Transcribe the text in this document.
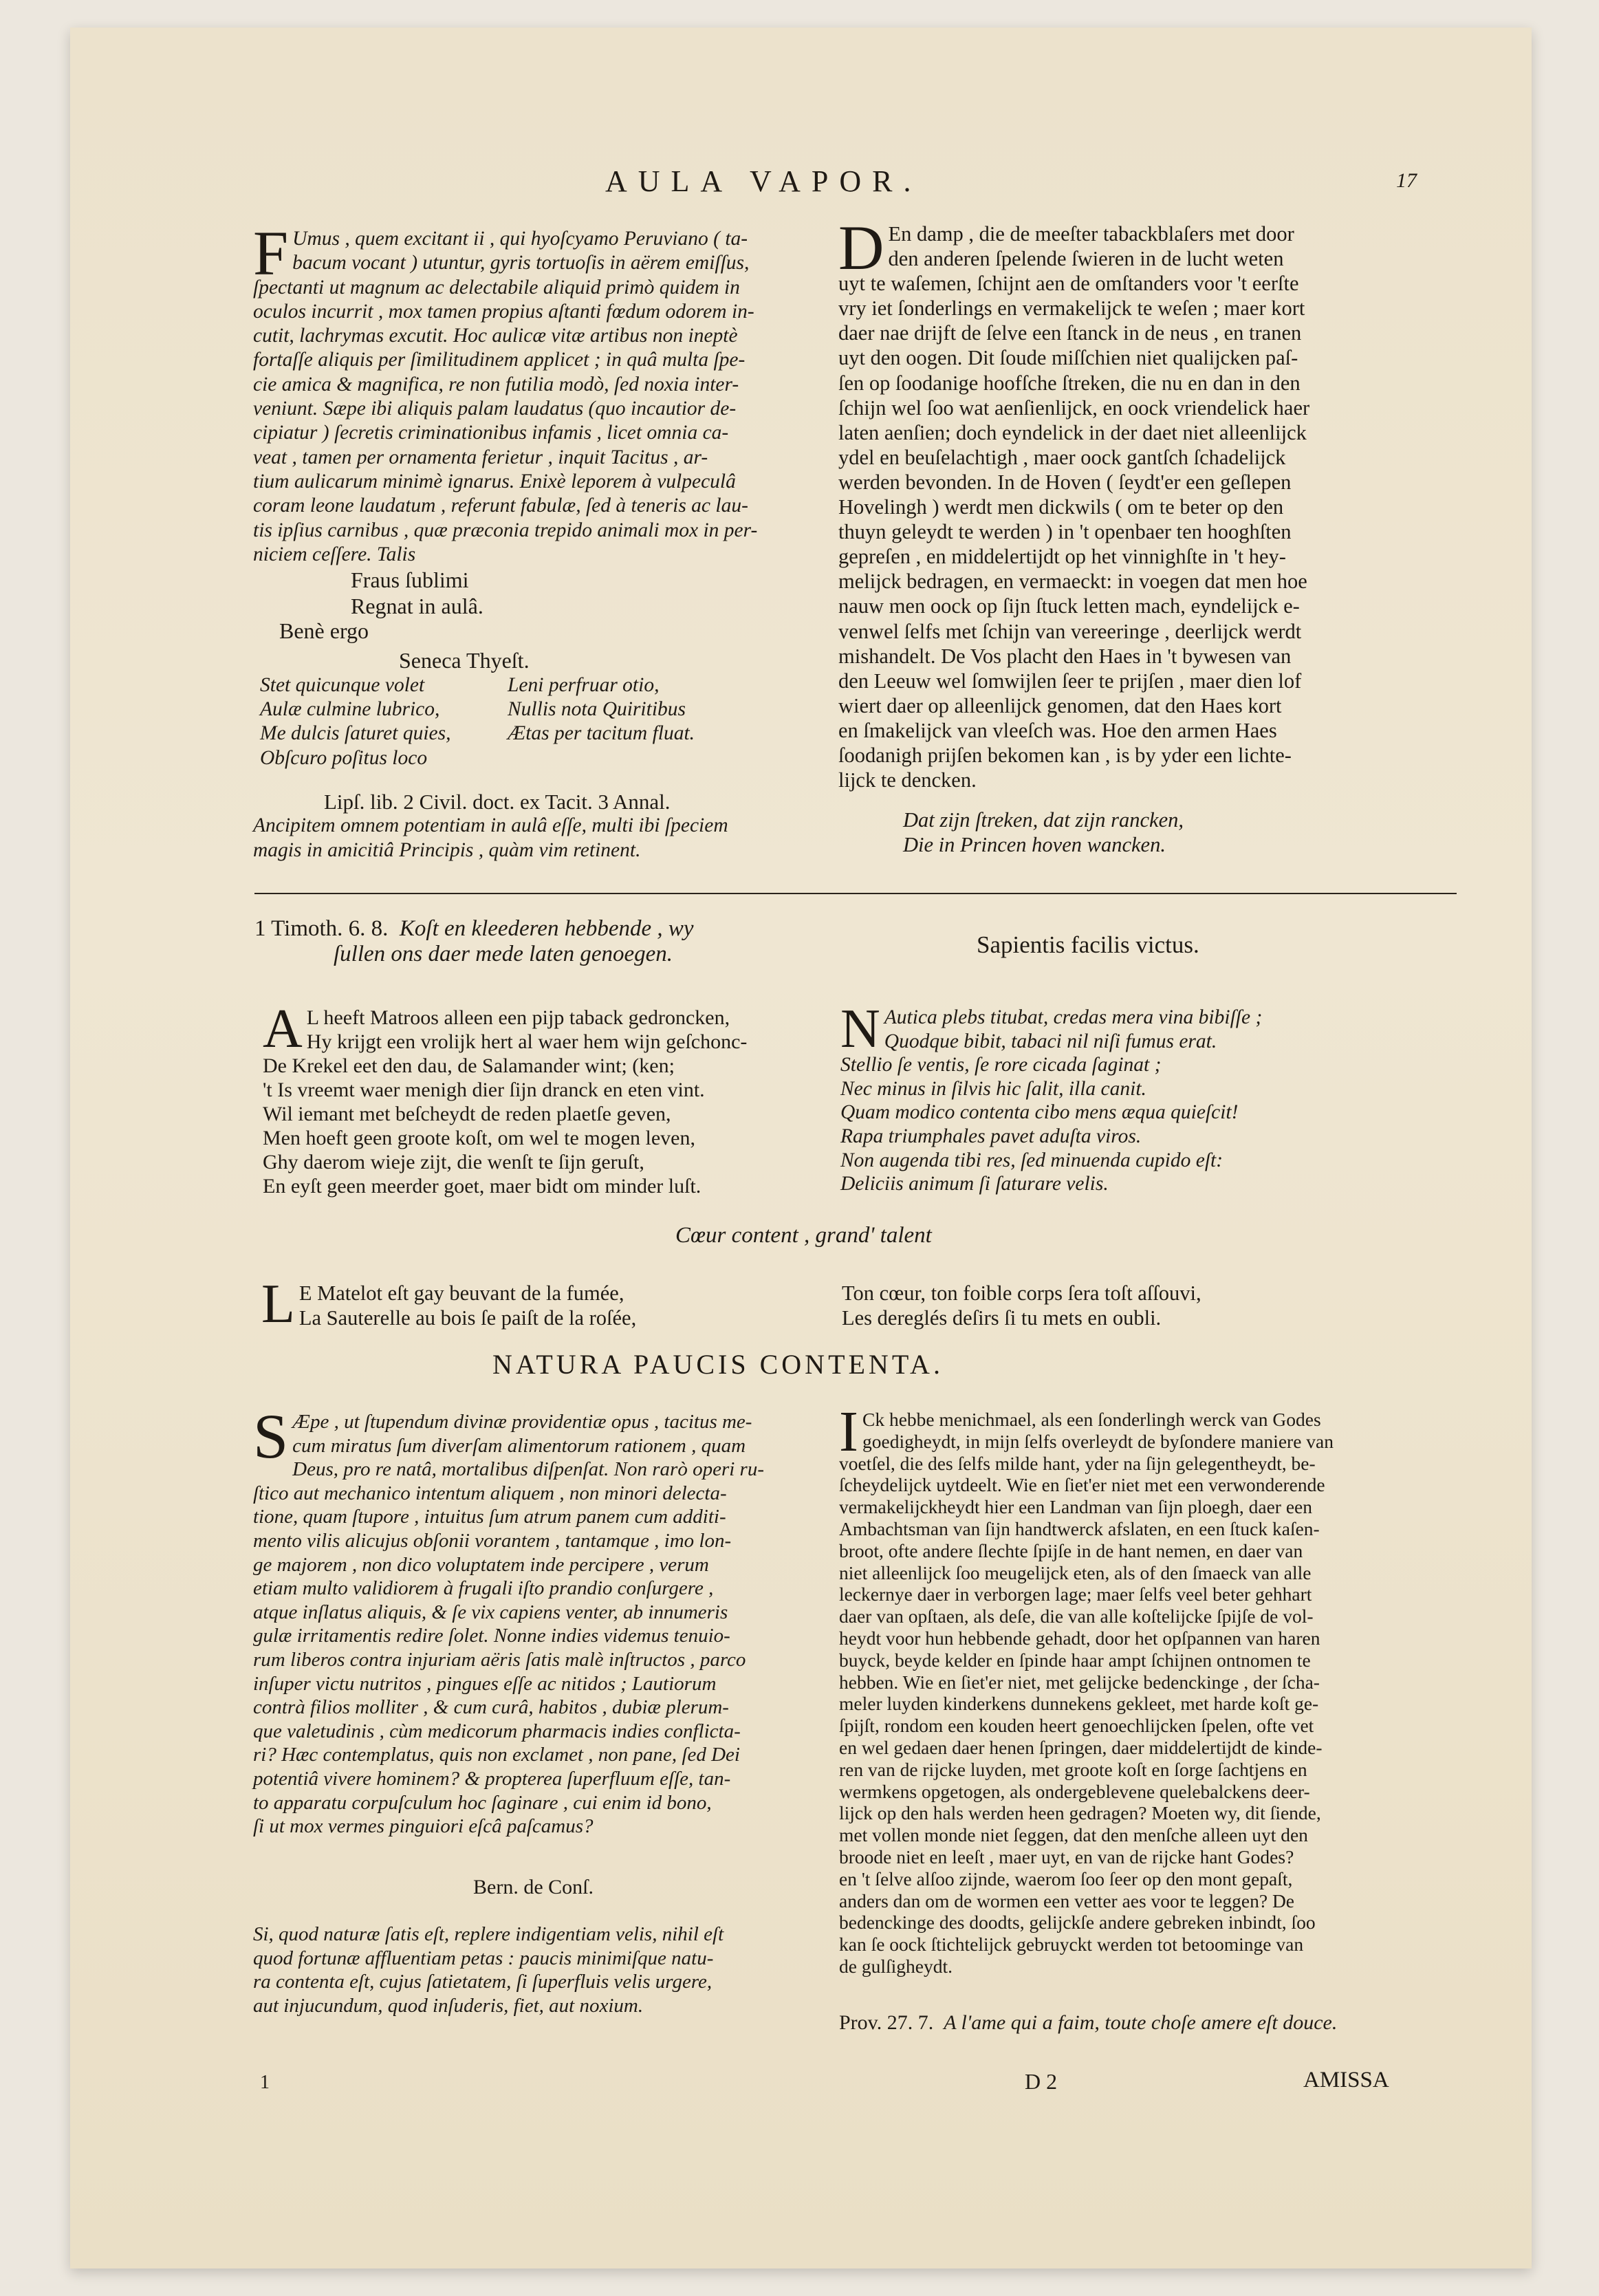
AULA VAPOR.	17
F Umus , quem excitant ii , qui hyoſcyamo Peruviano ( ta-

bacum vocant ) utuntur, gyris tortuoſis in aërem emiſſus,

ſpectanti ut magnum ac delectabile aliquid primò quidem in

oculos incurrit , mox tamen propius aſtanti fœdum odorem in-

cutit, lachrymas excutit. Hoc aulicæ vitæ artibus non ineptè

fortaſſe aliquis per ſimilitudinem applicet ; in quâ multa ſpe-

cie amica & magnifica, re non futilia modò, ſed noxia inter-

veniunt. Sæpe ibi aliquis palam laudatus (quo incautior de-

cipiatur ) ſecretis criminationibus infamis , licet omnia ca-

veat , tamen per ornamenta ferietur , inquit Tacitus , ar-

tium aulicarum minimè ignarus. Enixè leporem à vulpeculâ

coram leone laudatum , referunt fabulæ, ſed à teneris ac lau-

tis ipſius carnibus , quæ præconia trepido animali mox in per-

niciem ceſſere. Talis

Fraus ſublimi

Regnat in aulâ.

Benè ergo

Seneca Thyeſt.

Stet quicunque volet

Aulæ culmine lubrico,

Me dulcis ſaturet quies,

Obſcuro poſitus loco

Leni perfruar otio,

Nullis nota Quiritibus

Ætas per tacitum fluat.

Lipſ. lib. 2 Civil. doct. ex Tacit. 3 Annal.

Ancipitem omnem potentiam in aulâ eſſe, multi ibi ſpeciem

magis in amicitiâ Principis , quàm vim retinent.

D En damp , die de meeſter tabackblaſers met door

den anderen ſpelende ſwieren in de lucht weten

uyt te waſemen, ſchijnt aen de omſtanders voor 't eerſte

vry iet ſonderlings en vermakelijck te weſen ; maer kort

daer nae drijft de ſelve een ſtanck in de neus , en tranen

uyt den oogen. Dit ſoude miſſchien niet qualijcken paſ-

ſen op ſoodanige hoofſche ſtreken, die nu en dan in den

ſchijn wel ſoo wat aenſienlijck, en oock vriendelick haer

laten aenſien; doch eyndelick in der daet niet alleenlijck

ydel en beuſelachtigh , maer oock gantſch ſchadelijck

werden bevonden. In de Hoven ( ſeydt'er een geſlepen

Hovelingh ) werdt men dickwils ( om te beter op den

thuyn geleydt te werden ) in 't openbaer ten hooghſten

gepreſen , en middelertijdt op het vinnighſte in 't hey-

melijck bedragen, en vermaeckt: in voegen dat men hoe

nauw men oock op ſijn ſtuck letten mach, eyndelijck e-

venwel ſelfs met ſchijn van vereeringe , deerlijck werdt

mishandelt. De Vos placht den Haes in 't bywesen van

den Leeuw wel ſomwijlen ſeer te prijſen , maer dien lof

wiert daer op alleenlijck genomen, dat den Haes kort

en ſmakelijck van vleeſch was. Hoe den armen Haes

ſoodanigh prijſen bekomen kan , is by yder een lichte-

lijck te dencken.

Dat zijn ſtreken, dat zijn rancken,

Die in Princen hoven wancken.

1 Timoth. 6. 8. Koſt en kleederen hebbende , wy

ſullen ons daer mede laten genoegen.	Sapientis facilis victus.
A L heeft Matroos alleen een pijp taback gedroncken,

Hy krijgt een vrolijk hert al waer hem wijn geſchonc-

De Krekel eet den dau, de Salamander wint; (ken;

't Is vreemt waer menigh dier ſijn dranck en eten vint.

Wil iemant met beſcheydt de reden plaetſe geven,

Men hoeft geen groote koſt, om wel te mogen leven,

Ghy daerom wieje zijt, die wenſt te ſijn geruſt,

En eyſt geen meerder goet, maer bidt om minder luſt.

N Autica plebs titubat, credas mera vina bibiſſe ;

Quodque bibit, tabaci nil niſi fumus erat.

Stellio ſe ventis, ſe rore cicada ſaginat ;

Nec minus in ſilvis hic ſalit, illa canit.

Quam modico contenta cibo mens æqua quieſcit!

Rapa triumphales pavet aduſta viros.

Non augenda tibi res, ſed minuenda cupido eſt:

Deliciis animum ſi ſaturare velis.

Cœur content , grand' talent
L E Matelot eſt gay beuvant de la fumée,

La Sauterelle au bois ſe paiſt de la roſée,

Ton cœur, ton foible corps ſera toſt aſſouvi,

Les dereglés deſirs ſi tu mets en oubli.

NATURA PAUCIS CONTENTA.
S Æpe , ut ſtupendum divinæ providentiæ opus , tacitus me-

cum miratus ſum diverſam alimentorum rationem , quam

Deus, pro re natâ, mortalibus diſpenſat. Non rarò operi ru-

ſtico aut mechanico intentum aliquem , non minori delecta-

tione, quam ſtupore , intuitus ſum atrum panem cum additi-

mento vilis alicujus obſonii vorantem , tantamque , imo lon-

ge majorem , non dico voluptatem inde percipere , verum

etiam multo validiorem à frugali iſto prandio conſurgere ,

atque inſlatus aliquis, & ſe vix capiens venter, ab innumeris

gulæ irritamentis redire ſolet. Nonne indies videmus tenuio-

rum liberos contra injuriam aëris ſatis malè inſtructos , parco

inſuper victu nutritos , pingues eſſe ac nitidos ; Lautiorum

contrà filios molliter , & cum curâ, habitos , dubiæ plerum-

que valetudinis , cùm medicorum pharmacis indies conflicta-

ri? Hæc contemplatus, quis non exclamet , non pane, ſed Dei

potentiâ vivere hominem? & propterea ſuperfluum eſſe, tan-

to apparatu corpuſculum hoc ſaginare , cui enim id bono,

ſi ut mox vermes pinguiori eſcâ paſcamus?

Bern. de Conſ.

Si, quod naturæ ſatis eſt, replere indigentiam velis, nihil eſt

quod fortunæ affluentiam petas : paucis minimiſque natu-

ra contenta eſt, cujus ſatietatem, ſi ſuperfluis velis urgere,

aut injucundum, quod inſuderis, fiet, aut noxium.

I Ck hebbe menichmael, als een ſonderlingh werck van Godes

goedigheydt, in mijn ſelfs overleydt de byſondere maniere van

voetſel, die des ſelfs milde hant, yder na ſijn gelegentheydt, be-

ſcheydelijck uytdeelt. Wie en ſiet'er niet met een verwonderende

vermakelijckheydt hier een Landman van ſijn ploegh, daer een

Ambachtsman van ſijn handtwerck afslaten, en een ſtuck kaſen-

broot, ofte andere ſlechte ſpijſe in de hant nemen, en daer van

niet alleenlijck ſoo meugelijck eten, als of den ſmaeck van alle

leckernye daer in verborgen lage; maer ſelfs veel beter gehhart

daer van opſtaen, als deſe, die van alle koſtelijcke ſpijſe de vol-

heydt voor hun hebbende gehadt, door het opſpannen van haren

buyck, beyde kelder en ſpinde haar ampt ſchijnen ontnomen te

hebben. Wie en ſiet'er niet, met gelijcke bedenckinge , der ſcha-

meler luyden kinderkens dunnekens gekleet, met harde koſt ge-

ſpijſt, rondom een kouden heert genoechlijcken ſpelen, ofte vet

en wel gedaen daer henen ſpringen, daer middelertijdt de kinde-

ren van de rijcke luyden, met groote koſt en ſorge ſachtjens en

wermkens opgetogen, als ondergeblevene quelebalckens deer-

lijck op den hals werden heen gedragen? Moeten wy, dit ſiende,

met vollen monde niet ſeggen, dat den menſche alleen uyt den

broode niet en leeſt , maer uyt, en van de rijcke hant Godes?

en 't ſelve alſoo zijnde, waerom ſoo ſeer op den mont gepaſt,

anders dan om de wormen een vetter aes voor te leggen? De

bedenckinge des doodts, gelijckſe andere gebreken inbindt, ſoo

kan ſe oock ſtichtelijck gebruyckt werden tot betoominge van

de gulſigheydt.

Prov. 27. 7. A l'ame qui a faim, toute choſe amere eſt douce.

1	D 2	AMISSA
